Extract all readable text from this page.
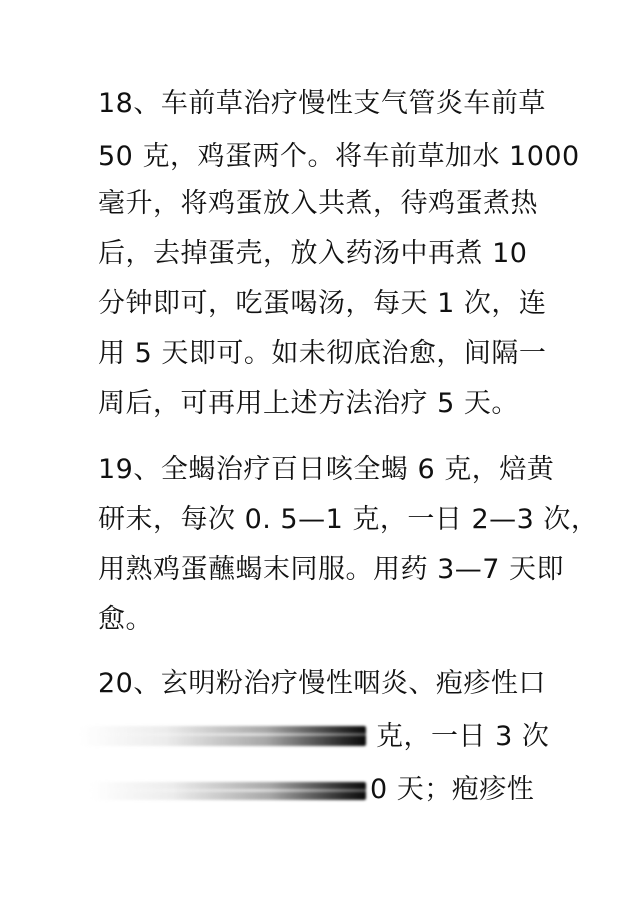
18、车前草治疗慢性支气管炎车前草
50 克，鸡蛋两个。将车前草加水 1000
毫升，将鸡蛋放入共煮，待鸡蛋煮热
后，去掉蛋壳，放入药汤中再煮 10
分钟即可，吃蛋喝汤，每天 1 次，连
用 5 天即可。如未彻底治愈，间隔一
周后，可再用上述方法治疗 5 天。
19、全蝎治疗百日咳全蝎 6 克，焙黄
研末，每次 0. 5—1 克，一日 2—3 次，
用熟鸡蛋蘸蝎末同服。用药 3—7 天即
愈。
20、玄明粉治疗慢性咽炎、疱疹性口
克，一日 3 次
0 天；疱疹性
